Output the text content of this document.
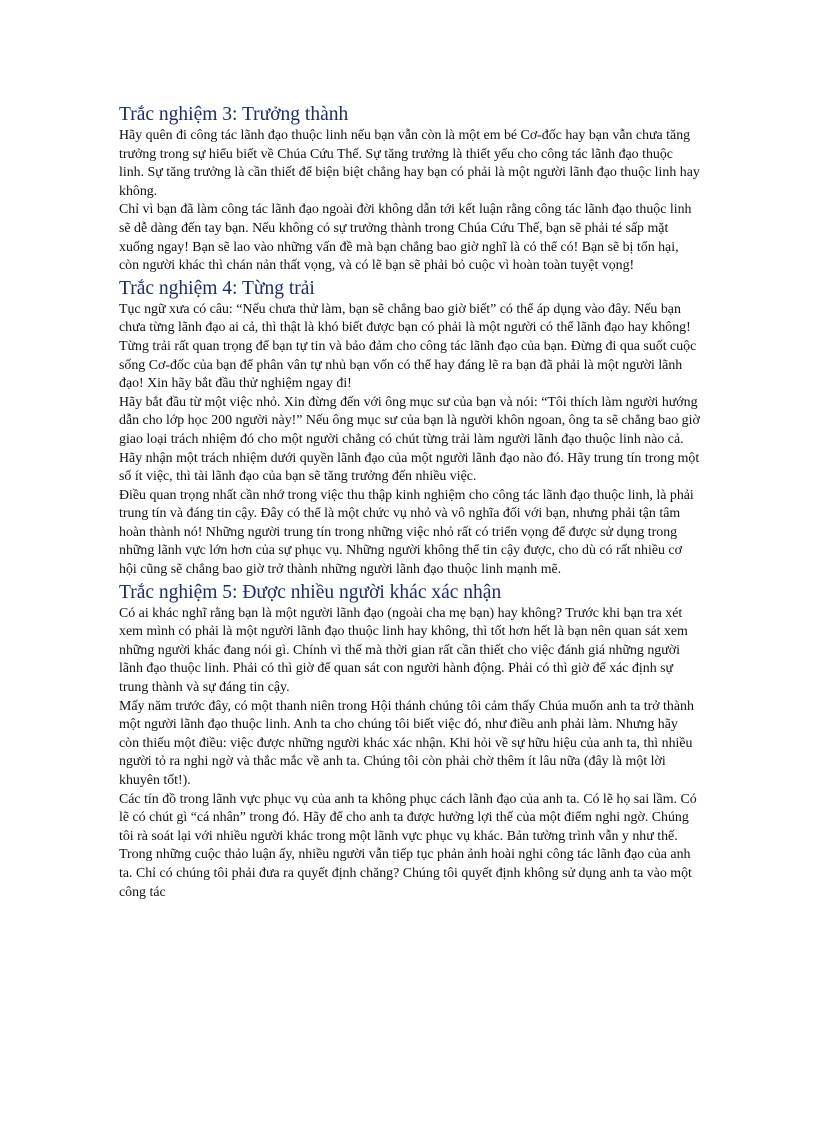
Trắc nghiệm 3: Trưởng thành

Hãy quên đi công tác lãnh đạo thuộc linh nếu bạn vẫn còn là một em bé Cơ-đốc hay bạn vẫn chưa tăng trưởng trong sự hiểu biết về Chúa Cứu Thế. Sự tăng trưởng là thiết yếu cho công tác lãnh đạo thuộc linh. Sự tăng trưởng là cần thiết để biện biệt chẳng hay bạn có phải là một người lãnh đạo thuộc linh hay không.

Chỉ vì bạn đã làm công tác lãnh đạo ngoài đời không dẫn tới kết luận rằng công tác lãnh đạo thuộc linh sẽ dễ dàng đến tay bạn. Nếu không có sự trưởng thành trong Chúa Cứu Thế, bạn sẽ phải té sấp mặt xuống ngay! Bạn sẽ lao vào những vấn đề mà bạn chẳng bao giờ nghĩ là có thể có! Bạn sẽ bị tổn hại, còn người khác thì chán nản thất vọng, và có lẽ bạn sẽ phải bỏ cuộc vì hoàn toàn tuyệt vọng!

Trắc nghiệm 4: Từng trải

Tục ngữ xưa có câu: “Nếu chưa thử làm, bạn sẽ chẳng bao giờ biết” có thể áp dụng vào đây. Nếu bạn chưa từng lãnh đạo ai cả, thì thật là khó biết được bạn có phải là một người có thể lãnh đạo hay không! Từng trải rất quan trọng để bạn tự tin và bảo đảm cho công tác lãnh đạo của bạn. Đừng đi qua suốt cuộc sống Cơ-đốc của bạn để phân vân tự nhủ bạn vốn có thể hay đáng lẽ ra bạn đã phải là một người lãnh đạo! Xin hãy bắt đầu thử nghiệm ngay đi!

Hãy bắt đầu từ một việc nhỏ. Xin đừng đến với ông mục sư của bạn và nói: “Tôi thích làm người hướng dẫn cho lớp học 200 người này!” Nếu ông mục sư của bạn là người khôn ngoan, ông ta sẽ chẳng bao giờ giao loại trách nhiệm đó cho một người chẳng có chút từng trải làm người lãnh đạo thuộc linh nào cả. Hãy nhận một trách nhiệm dưới quyền lãnh đạo của một người lãnh đạo nào đó. Hãy trung tín trong một số ít việc, thì tài lãnh đạo của bạn sẽ tăng trưởng đến nhiều việc.

Điều quan trọng nhất cần nhớ trong việc thu thập kinh nghiệm cho công tác lãnh đạo thuộc linh, là phải trung tín và đáng tin cậy. Đây có thể là một chức vụ nhỏ và vô nghĩa đối với bạn, nhưng phải tận tâm hoàn thành nó! Những người trung tín trong những việc nhỏ rất có triển vọng để được sử dụng trong những lãnh vực lớn hơn của sự phục vụ. Những người không thể tin cậy được, cho dù có rất nhiều cơ hội cũng sẽ chẳng bao giờ trở thành những người lãnh đạo thuộc linh mạnh mẽ.

Trắc nghiệm 5: Được nhiều người khác xác nhận

Có ai khác nghĩ rằng bạn là một người lãnh đạo (ngoài cha mẹ bạn) hay không? Trước khi bạn tra xét xem mình có phải là một người lãnh đạo thuộc linh hay không, thì tốt hơn hết là bạn nên quan sát xem những người khác đang nói gì. Chính vì thế mà thời gian rất cần thiết cho việc đánh giá những người lãnh đạo thuộc linh. Phải có thì giờ để quan sát con người hành động. Phải có thì giờ để xác định sự trung thành và sự đáng tin cậy.

Mấy năm trước đây, có một thanh niên trong Hội thánh chúng tôi cảm thấy Chúa muốn anh ta trở thành một người lãnh đạo thuộc linh. Anh ta cho chúng tôi biết việc đó, như điều anh phải làm. Nhưng hãy còn thiếu một điều: việc được những người khác xác nhận. Khi hỏi về sự hữu hiệu của anh ta, thì nhiều người tỏ ra nghi ngờ và thắc mắc về anh ta. Chúng tôi còn phải chờ thêm ít lâu nữa (đây là một lời khuyên tốt!).

Các tín đồ trong lãnh vực phục vụ của anh ta không phục cách lãnh đạo của anh ta. Có lẽ họ sai lầm. Có lẽ có chút gì “cá nhân” trong đó. Hãy để cho anh ta được hưởng lợi thế của một điểm nghi ngờ. Chúng tôi rà soát lại với nhiều người khác trong một lãnh vực phục vụ khác. Bản tường trình vẫn y như thế. Trong những cuộc thảo luận ấy, nhiều người vẫn tiếp tục phản ảnh hoài nghi công tác lãnh đạo của anh ta. Chỉ có chúng tôi phải đưa ra quyết định chăng? Chúng tôi quyết định không sử dụng anh ta vào một công tác
